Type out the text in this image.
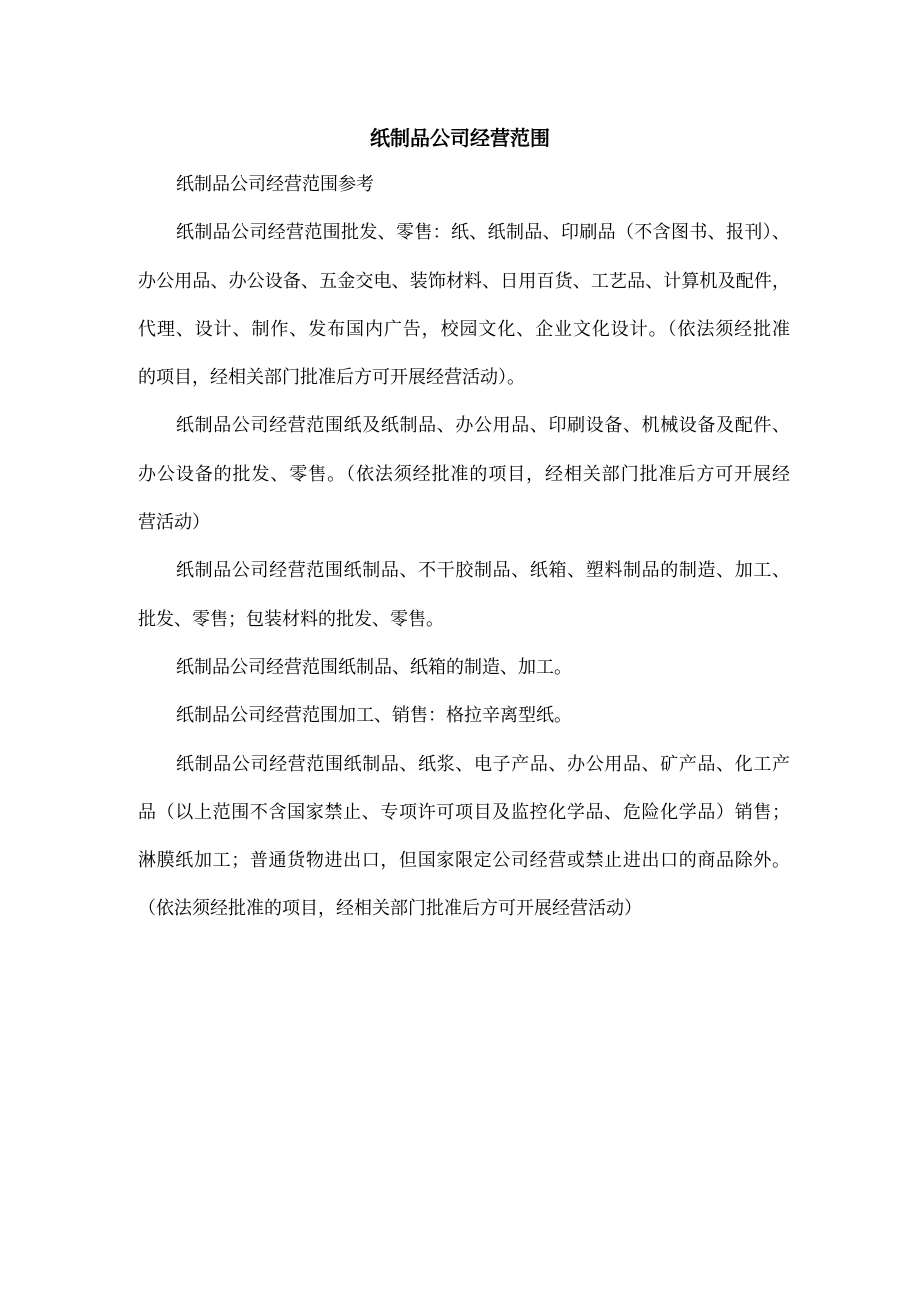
纸制品公司经营范围
纸制品公司经营范围参考
纸制品公司经营范围批发、零售：纸、纸制品、印刷品（不含图书、报刊）、
办公用品、办公设备、五金交电、装饰材料、日用百货、工艺品、计算机及配件，
代理、设计、制作、发布国内广告，校园文化、企业文化设计。（依法须经批准
的项目，经相关部门批准后方可开展经营活动）。
纸制品公司经营范围纸及纸制品、办公用品、印刷设备、机械设备及配件、
办公设备的批发、零售。（依法须经批准的项目，经相关部门批准后方可开展经
营活动）
纸制品公司经营范围纸制品、不干胶制品、纸箱、塑料制品的制造、加工、
批发、零售；包装材料的批发、零售。
纸制品公司经营范围纸制品、纸箱的制造、加工。
纸制品公司经营范围加工、销售：格拉辛离型纸。
纸制品公司经营范围纸制品、纸浆、电子产品、办公用品、矿产品、化工产
品（以上范围不含国家禁止、专项许可项目及监控化学品、危险化学品）销售；
淋膜纸加工；普通货物进出口，但国家限定公司经营或禁止进出口的商品除外。
（依法须经批准的项目，经相关部门批准后方可开展经营活动）
